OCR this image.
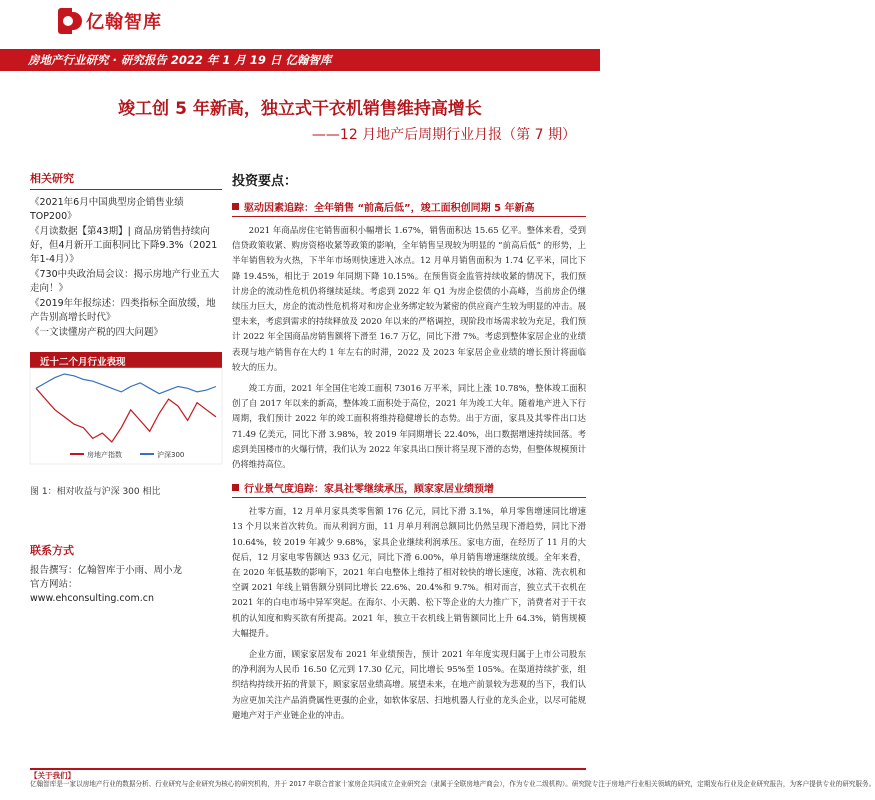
亿翰智库
房地产行业研究 · 研究报告 2022 年 1 月 19 日 亿翰智库
竣工创 5 年新高，独立式干衣机销售维持高增长
——12 月地产后周期行业月报（第 7 期）
相关研究
《2021年6月中国典型房企销售业绩TOP200》
《月读数据【第43期】| 商品房销售持续向好，但4月新开工面积同比下降9.3%（2021年1-4月）》
《730中央政治局会议：揭示房地产行业五大走向！》
《2019年年报综述：四类指标全面放缓，地产告别高增长时代》
《一文读懂房产税的四大问题》
近十二个月行业表现
房地产指数	沪深300
图 1：相对收益与沪深 300 相比
联系方式
报告撰写：亿翰智库于小雨、周小龙
官方网站：
www.ehconsulting.com.cn
投资要点：
驱动因素追踪：全年销售 “前高后低”，竣工面积创同期 5 年新高

2021 年商品房住宅销售面积小幅增长 1.67%，销售面积达 15.65 亿平。整体来看，受到信贷政策收紧、购房资格收紧等政策的影响，全年销售呈现较为明显的 “前高后低” 的形势，上半年销售较为火热，下半年市场则快速进入冰点。12 月单月销售面积为 1.74 亿平米，同比下降 19.45%，相比于 2019 年同期下降 10.15%。在预售资金监管持续收紧的情况下，我们预计房企的流动性危机仍将继续延续。考虑到 2022 年 Q1 为房企偿债的小高峰，当前房企仍继续压力巨大，房企的流动性危机将对和房企业务绑定较为紧密的供应商产生较为明显的冲击。展望未来，考虑到需求的持续释放及 2020 年以来的严格调控，现阶段市场需求较为充足，我们预计 2022 年全国商品房销售额将下滑至 16.7 万亿，同比下滑 7%。考虑到整体家居企业的业绩表现与地产销售存在大约 1 年左右的时滞，2022 及 2023 年家居企业业绩的增长预计将面临较大的压力。

竣工方面，2021 年全国住宅竣工面积 73016 万平米，同比上涨 10.78%，整体竣工面积创了自 2017 年以来的新高，整体竣工面积处于高位，2021 年为竣工大年。随着地产进入下行周期，我们预计 2022 年的竣工面积将维持稳健增长的态势。出于方面，家具及其零件出口达 71.49 亿美元，同比下滑 3.98%，较 2019 年同期增长 22.40%，出口数据增速持续回落。考虑到美国楼市的火爆行情，我们认为 2022 年家具出口预计将呈现下滑的态势，但整体规模预计仍将维持高位。

行业景气度追踪：家具社零继续承压，顾家家居业绩预增

社零方面，12 月单月家具类零售额 176 亿元，同比下滑 3.1%，单月零售增速同比增速 13 个月以来首次转负。而从利润方面，11 月单月利润总额同比仍然呈现下滑趋势，同比下滑 10.64%，较 2019 年减少 9.68%，家具企业继续利润承压。家电方面，在经历了 11 月的大促后，12 月家电零售额达 933 亿元，同比下滑 6.00%，单月销售增速继续放缓。全年来看，在 2020 年低基数的影响下，2021 年白电整体上维持了相对较快的增长速度，冰箱、洗衣机和空调 2021 年线上销售额分别同比增长 22.6%、20.4%和 9.7%。相对而言，独立式干衣机在 2021 年的白电市场中异军突起。在海尔、小天鹅、松下等企业的大力推广下，消费者对于干衣机的认知度和购买欲有所提高。2021 年，独立干衣机线上销售额同比上升 64.3%，销售规模大幅提升。

企业方面，顾家家居发布 2021 年业绩预告，预计 2021 年年度实现归属于上市公司股东的净利润为人民币 16.50 亿元到 17.30 亿元，同比增长 95%至 105%。在渠道持续扩张，组织结构持续开拓的背景下，顾家家居业绩高增。展望未来，在地产前景较为悲观的当下，我们认为应更加关注产品消费属性更强的企业，如软体家居、扫地机器人行业的龙头企业，以尽可能规避地产对于产业链企业的冲击。

【关于我们】
亿翰智库是一家以房地产行业的数据分析、行业研究与企业研究为核心的研究机构，并于 2017 年联合首家十家房企共同成立企业研究会（隶属于全联房地产商会），作为专业二级机构）。研究院专注于房地产行业相关领域的研究，定期发布行业及企业研究报告，为客户提供专业的研究服务。
